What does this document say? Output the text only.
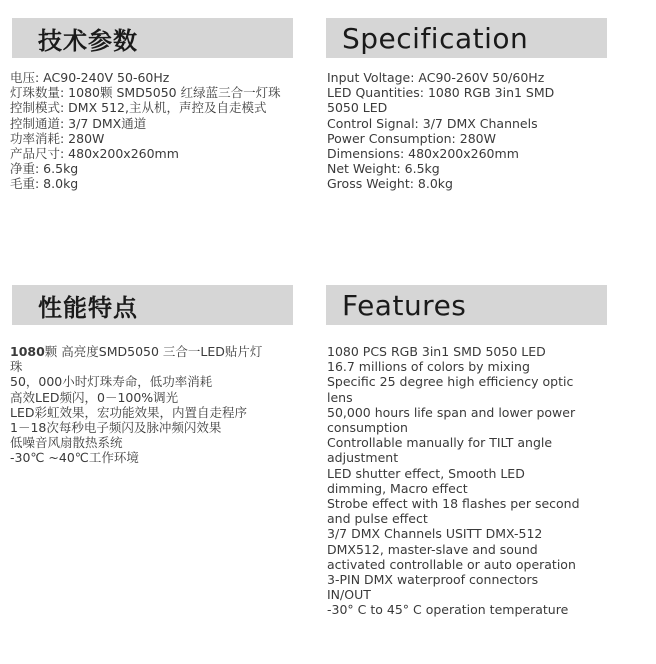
技术参数
电压: AC90-240V 50-60Hz
灯珠数量: 1080颗 SMD5050 红绿蓝三合一灯珠
控制模式: DMX 512,主从机，声控及自走模式
控制通道: 3/7 DMX通道
功率消耗: 280W
产品尺寸: 480x200x260mm
净重: 6.5kg
毛重: 8.0kg
Specification
Input Voltage: AC90-260V 50/60Hz
LED Quantities: 1080 RGB 3in1 SMD
5050 LED
Control Signal: 3/7 DMX Channels
Power Consumption: 280W
Dimensions: 480x200x260mm
Net Weight: 6.5kg
Gross Weight: 8.0kg
性能特点
1080颗 高亮度SMD5050 三合一LED贴片灯
珠
50，000小时灯珠寿命，低功率消耗
高效LED频闪，0－100%调光
LED彩虹效果，宏功能效果，内置自走程序
1－18次每秒电子频闪及脉冲频闪效果
低噪音风扇散热系统
-30℃ ~40℃工作环境
Features
1080 PCS RGB 3in1 SMD 5050 LED
16.7 millions of colors by mixing
Specific 25 degree high efficiency optic
lens
50,000 hours life span and lower power
consumption
Controllable manually for TILT angle
adjustment
LED shutter effect, Smooth LED
dimming, Macro effect
Strobe effect with 18 flashes per second
and pulse effect
3/7 DMX Channels USITT DMX-512
DMX512, master-slave and sound
activated controllable or auto operation
3-PIN DMX waterproof connectors
IN/OUT
-30° C to 45° C operation temperature
